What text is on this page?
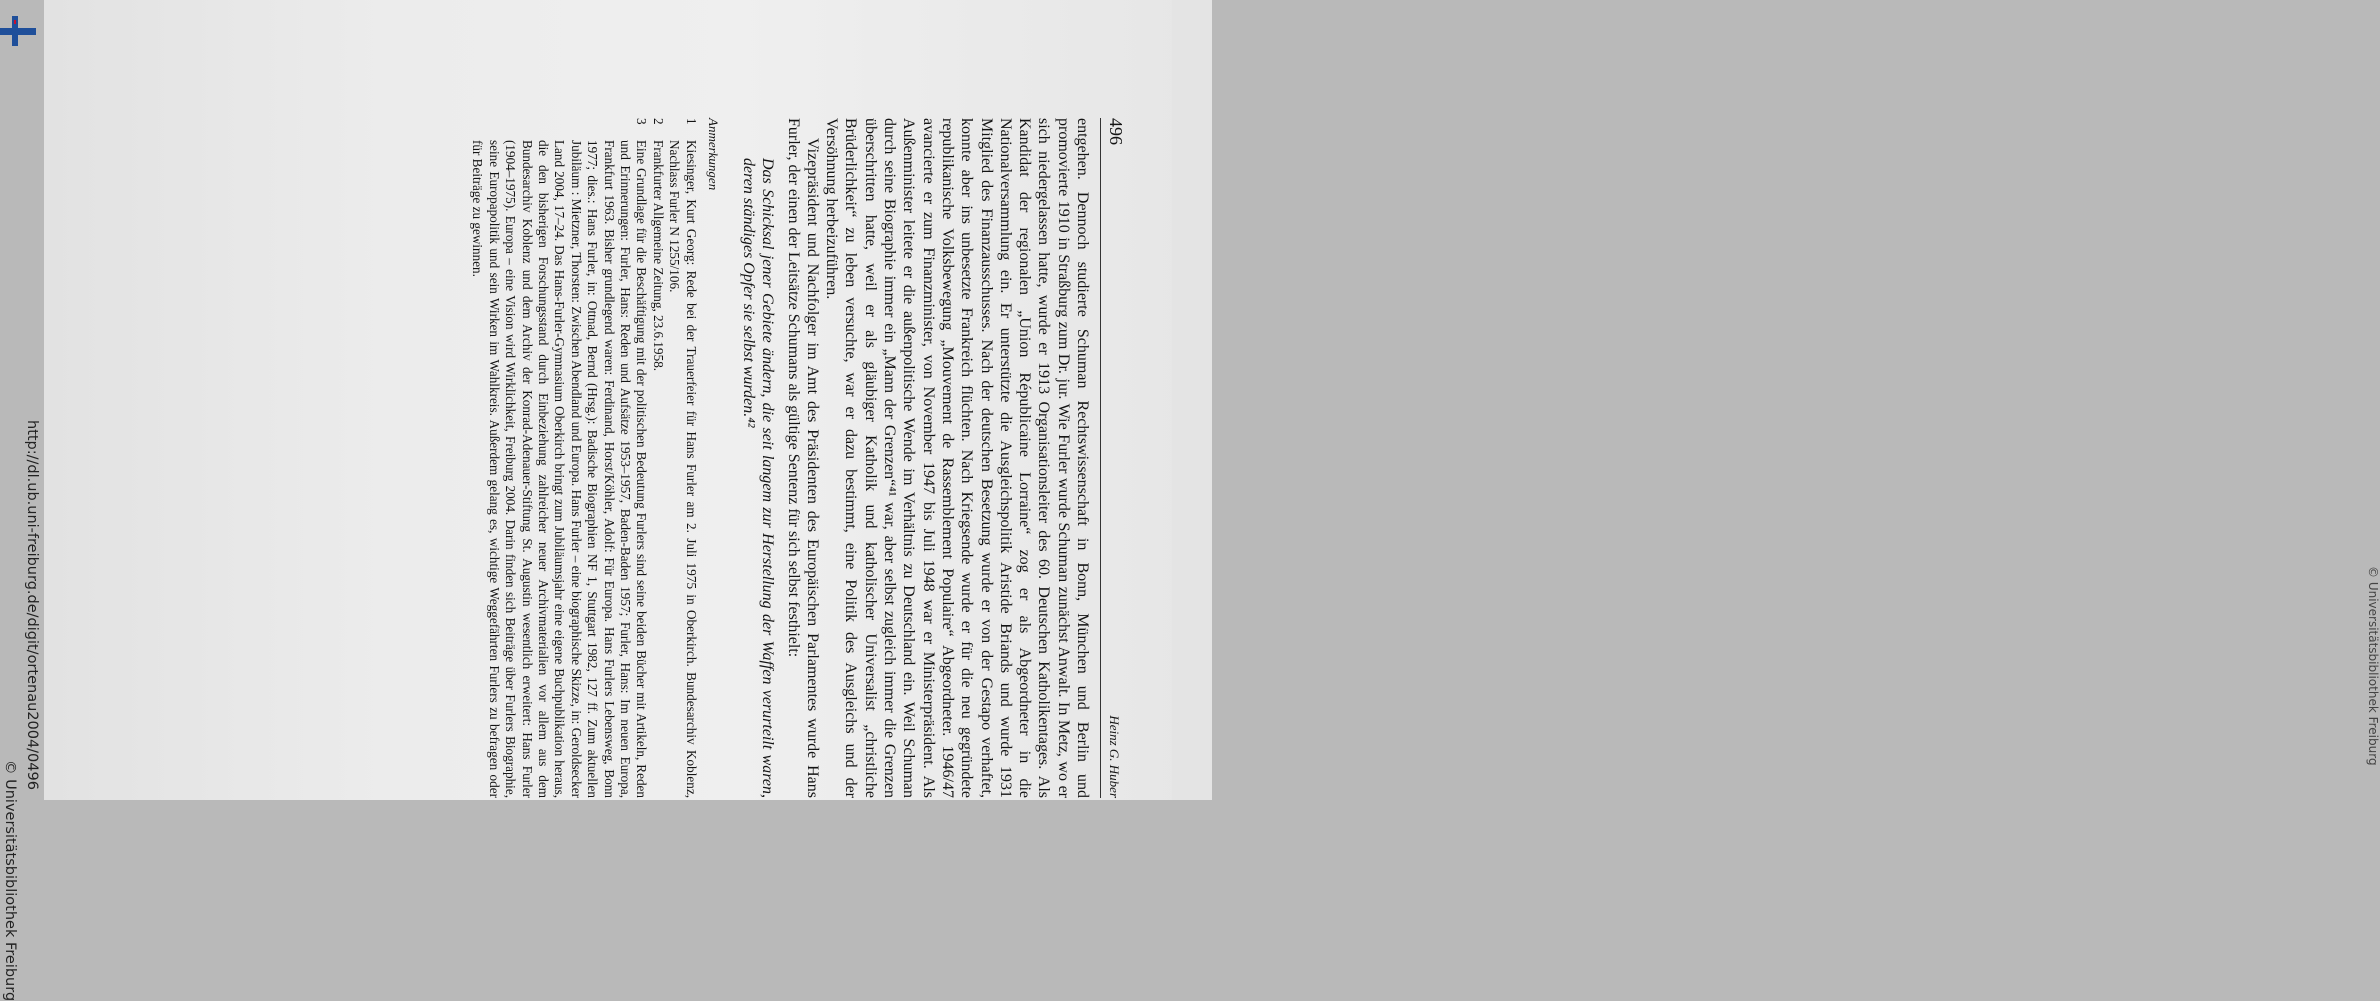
© Universitätsbibliothek Freiburg
http://dl.ub.uni-freiburg.de/digit/ortenau2004/0496
© Universitätsbibliothek Freiburg
496
Heinz G. Huber

entgehen. Dennoch studierte Schuman Rechtswissenschaft in Bonn, München und Berlin und promovierte 1910 in Straßburg zum Dr. jur. Wie Furler wurde Schuman zunächst Anwalt. In Metz, wo er sich niedergelassen hatte, wurde er 1913 Organisationsleiter des 60. Deutschen Katholikentages. Als Kandidat der regionalen „Union Républicaine Lorraine“ zog er als Abgeordneter in die Nationalversammlung ein. Er unterstützte die Ausgleichspolitik Aristide Briands und wurde 1931 Mitglied des Finanzausschusses. Nach der deutschen Besetzung wurde er von der Gestapo verhaftet, konnte aber ins unbesetzte Frankreich flüchten. Nach Kriegsende wurde er für die neu gegründete republikanische Volksbewegung „Mouvement de Rassemblement Populaire“ Abgeordneter. 1946/47 avancierte er zum Finanzminister, von November 1947 bis Juli 1948 war er Ministerpräsident. Als Außenminister leitete er die außenpolitische Wende im Verhältnis zu Deutschland ein. Weil Schuman durch seine Biographie immer ein „Mann der Grenzen“⁴¹ war, aber selbst zugleich immer die Grenzen überschritten hatte, weil er als gläubiger Katholik und katholischer Universalist „christliche Brüderlichkeit“ zu leben versuchte, war er dazu bestimmt, eine Politik des Ausgleichs und der Versöhnung herbeizuführen.

Vizepräsident und Nachfolger im Amt des Präsidenten des Europäischen Parlamentes wurde Hans Furler, der einen der Leitsätze Schumans als gültige Sentenz für sich selbst festhielt:

Das Schicksal jener Gebiete ändern, die seit langem zur Herstellung der Waffen verurteilt waren, deren ständiges Opfer sie selbst wurden.⁴²
Anmerkungen
1
Kiesinger, Kurt Georg: Rede bei der Trauerfeier für Hans Furler am 2. Juli 1975 in Oberkirch. Bundesarchiv Koblenz, Nachlass Furler N 1255/106.
2
Frankfurter Allgemeine Zeitung, 23.6.1958.
3
Eine Grundlage für die Beschäftigung mit der politischen Bedeutung Furlers sind seine beiden Bücher mit Artikeln, Reden und Erinnerungen: Furler, Hans: Reden und Aufsätze 1953–1957, Baden-Baden 1957; Furler, Hans: Im neuen Europa, Frankfurt 1963. Bisher grundlegend waren: Ferdinand, Horst/Köhler, Adolf: Für Europa. Hans Furlers Lebensweg, Bonn 1977; dies.: Hans Furler, in: Ottnad, Bernd (Hrsg.): Badische Biographien NF 1, Stuttgart 1982, 127 ff. Zum aktuellen Jubiläum : Mietzner, Thorsten: Zwischen Abendland und Europa. Hans Furler – eine biographische Skizze, in: Geroldsecker Land 2004, 17–24. Das Hans-Furler-Gymnasium Oberkirch bringt zum Jubiläumsjahr eine eigene Buchpublikation heraus, die den bisherigen Forschungsstand durch Einbeziehung zahlreicher neuer Archivmaterialien vor allem aus dem Bundesarchiv Koblenz und dem Archiv der Konrad-Adenauer-Stiftung St. Augustin wesentlich erweitert: Hans Furler (1904–1975). Europa – eine Vision wird Wirklichkeit, Freiburg 2004. Darin finden sich Beiträge über Furlers Biographie, seine Europapolitik und sein Wirken im Wahlkreis. Außerdem gelang es, wichtige Weggefährten Furlers zu befragen oder für Beiträge zu gewinnen.
